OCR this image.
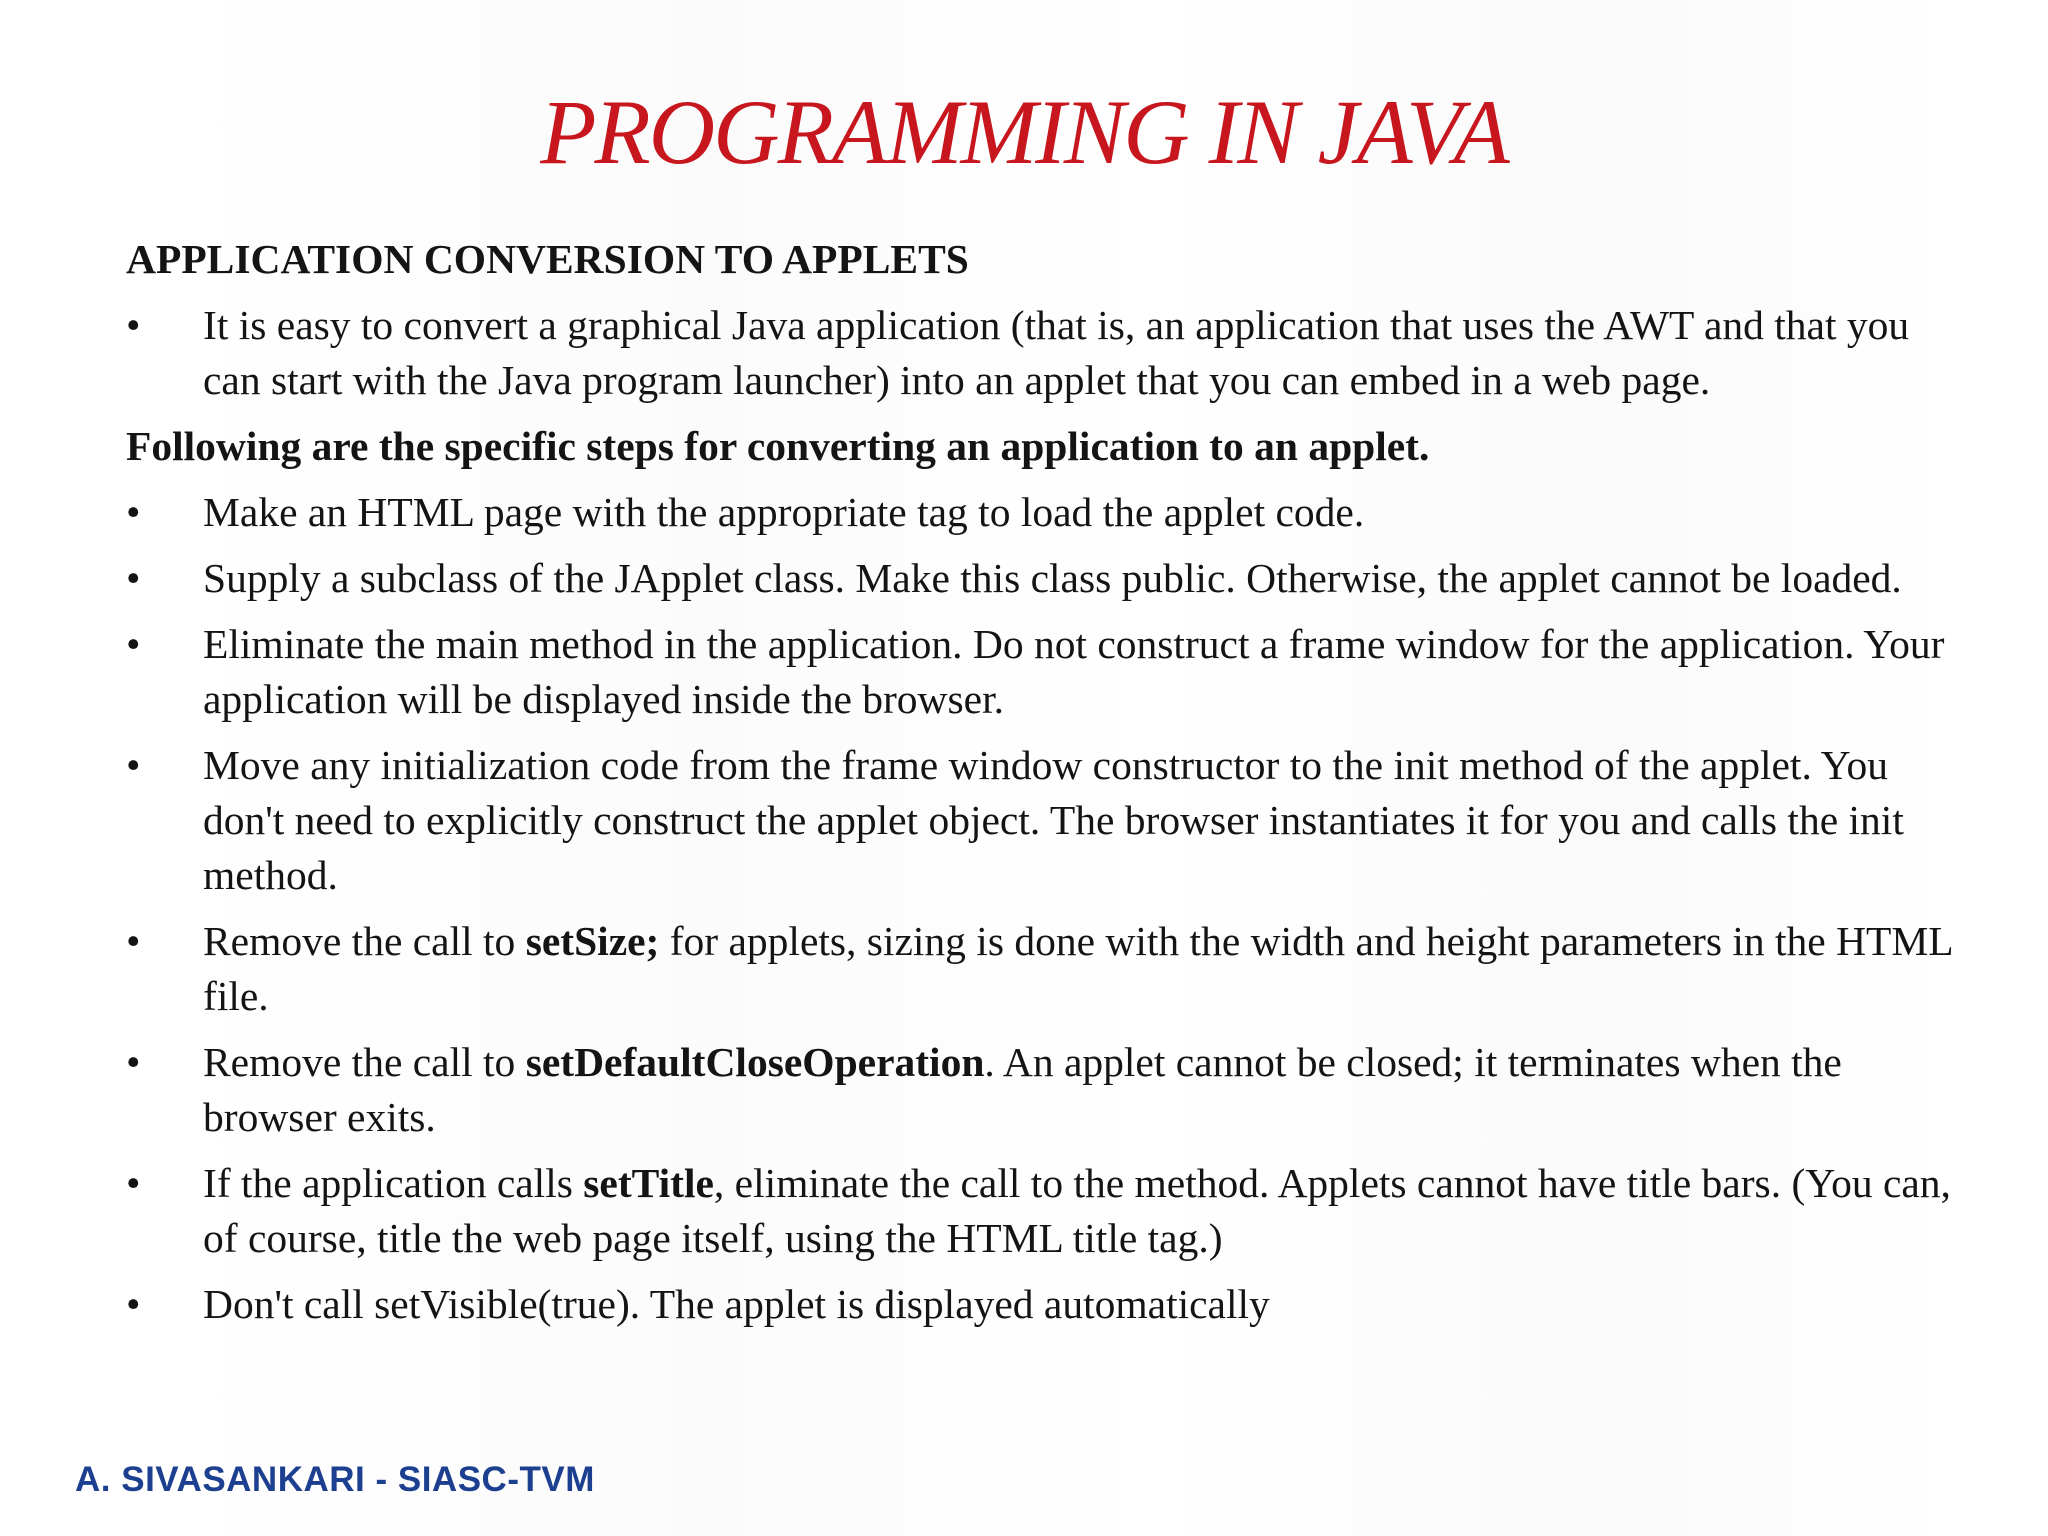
PROGRAMMING IN JAVA
APPLICATION CONVERSION TO APPLETS
•	It is easy to convert a graphical Java application (that is, an application that uses the AWT and that you can start with the Java program launcher) into an applet that you can embed in a web page.
Following are the specific steps for converting an application to an applet.
•	Make an HTML page with the appropriate tag to load the applet code.
•	Supply a subclass of the JApplet class. Make this class public. Otherwise, the applet cannot be loaded.
•	Eliminate the main method in the application. Do not construct a frame window for the application. Your application will be displayed inside the browser.
•	Move any initialization code from the frame window constructor to the init method of the applet. You don't need to explicitly construct the applet object. The browser instantiates it for you and calls the init method.
•	Remove the call to setSize; for applets, sizing is done with the width and height parameters in the HTML file.
•	Remove the call to setDefaultCloseOperation. An applet cannot be closed; it terminates when the browser exits.
•	If the application calls setTitle, eliminate the call to the method. Applets cannot have title bars. (You can, of course, title the web page itself, using the HTML title tag.)
•	Don't call setVisible(true). The applet is displayed automatically
A. SIVASANKARI - SIASC-TVM
